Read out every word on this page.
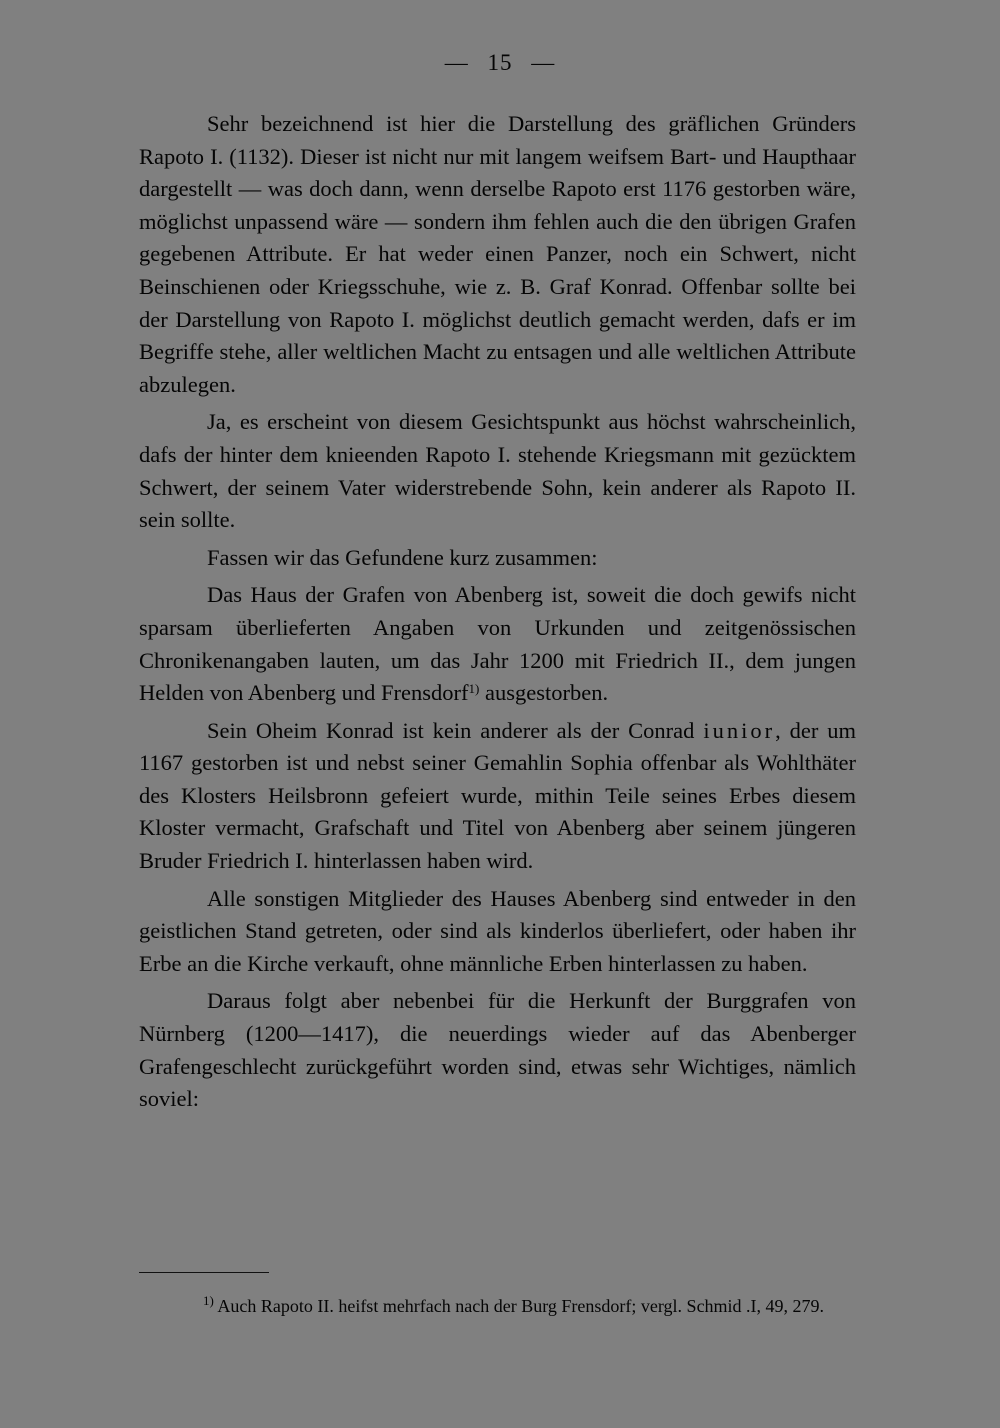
— 15 —

Sehr bezeichnend ist hier die Darstellung des gräflichen Gründers Rapoto I. (1132). Dieser ist nicht nur mit langem weifsem Bart- und Haupthaar dargestellt — was doch dann, wenn derselbe Rapoto erst 1176 gestorben wäre, möglichst unpassend wäre — sondern ihm fehlen auch die den übrigen Grafen gegebenen Attribute. Er hat weder einen Panzer, noch ein Schwert, nicht Beinschienen oder Kriegsschuhe, wie z. B. Graf Konrad. Offenbar sollte bei der Darstellung von Rapoto I. möglichst deutlich gemacht werden, dafs er im Begriffe stehe, aller weltlichen Macht zu entsagen und alle weltlichen Attribute abzulegen.

Ja, es erscheint von diesem Gesichtspunkt aus höchst wahrscheinlich, dafs der hinter dem knieenden Rapoto I. stehende Kriegsmann mit gezücktem Schwert, der seinem Vater widerstrebende Sohn, kein anderer als Rapoto II. sein sollte.

Fassen wir das Gefundene kurz zusammen:

Das Haus der Grafen von Abenberg ist, soweit die doch gewifs nicht sparsam überlieferten Angaben von Urkunden und zeitgenössischen Chronikenangaben lauten, um das Jahr 1200 mit Friedrich II., dem jungen Helden von Abenberg und Frensdorf$^{1)}$ ausgestorben.

Sein Oheim Konrad ist kein anderer als der Conrad iunior, der um 1167 gestorben ist und nebst seiner Gemahlin Sophia offenbar als Wohlthäter des Klosters Heilsbronn gefeiert wurde, mithin Teile seines Erbes diesem Kloster vermacht, Grafschaft und Titel von Abenberg aber seinem jüngeren Bruder Friedrich I. hinterlassen haben wird.

Alle sonstigen Mitglieder des Hauses Abenberg sind entweder in den geistlichen Stand getreten, oder sind als kinderlos überliefert, oder haben ihr Erbe an die Kirche verkauft, ohne männliche Erben hinterlassen zu haben.

Daraus folgt aber nebenbei für die Herkunft der Burggrafen von Nürnberg (1200—1417), die neuerdings wieder auf das Abenberger Grafengeschlecht zurückgeführt worden sind, etwas sehr Wichtiges, nämlich soviel:

$^{1)}$ Auch Rapoto II. heifst mehrfach nach der Burg Frensdorf; vergl. Schmid .I, 49, 279.
